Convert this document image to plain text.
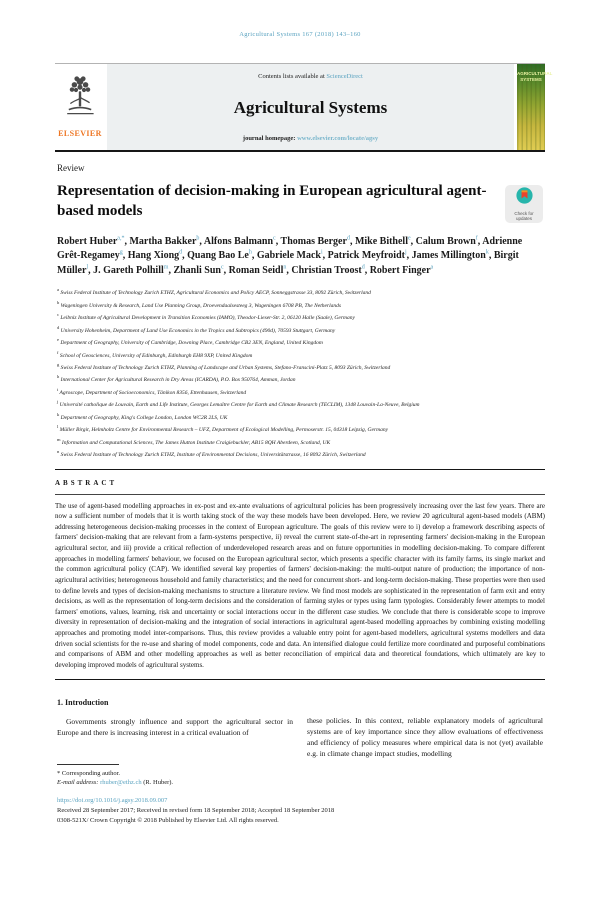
Agricultural Systems 167 (2018) 143–160
ELSEVIER
Contents lists available at ScienceDirect
Agricultural Systems
journal homepage: www.elsevier.com/locate/agsy
AGRICULTURAL SYSTEMS
Review
Representation of decision-making in European agricultural agent-based models	Check for updates
Robert Huber$^{a,*}$, Martha Bakker$^b$, Alfons Balmann$^c$, Thomas Berger$^d$, Mike Bithell$^e$, Calum Brown$^f$, Adrienne Grêt-Regamey$^g$, Hang Xiong$^d$, Quang Bao Le$^h$, Gabriele Mack$^i$, Patrick Meyfroidt$^j$, James Millington$^k$, Birgit Müller$^l$, J. Gareth Polhill$^m$, Zhanli Sun$^c$, Roman Seidl$^n$, Christian Troost$^d$, Robert Finger$^a$
$^a$ Swiss Federal Institute of Technology Zurich ETHZ, Agricultural Economics and Policy AECP, Sonneggstrasse 33, 8092 Zürich, Switzerland
$^b$ Wageningen University & Research, Land Use Planning Group, Droevendaalsesteeg 3, Wageningen 6708 PB, The Netherlands
$^c$ Leibniz Institute of Agricultural Development in Transition Economies (IAMO), Theodor-Lieser-Str. 2, 06120 Halle (Saale), Germany
$^d$ University Hohenheim, Department of Land Use Economics in the Tropics and Subtropics (490d), 70593 Stuttgart, Germany
$^e$ Department of Geography, University of Cambridge, Downing Place, Cambridge CB2 3EN, England, United Kingdom
$^f$ School of Geosciences, University of Edinburgh, Edinburgh EH8 9XP, United Kingdom
$^g$ Swiss Federal Institute of Technology Zurich ETHZ, Planning of Landscape and Urban Systems, Stefano-Franscini-Platz 5, 8093 Zürich, Switzerland
$^h$ International Center for Agricultural Research in Dry Areas (ICARDA), P.O. Box 950764, Amman, Jordan
$^i$ Agroscope, Department of Socioeconomics, Tänikon 8356, Ettenhausen, Switzerland
$^j$ Université catholique de Louvain, Earth and Life Institute, Georges Lemaître Centre for Earth and Climate Research (TECLIM), 1348 Louvain-La-Neuve, Belgium
$^k$ Department of Geography, King's College London, London WC2R 2LS, UK
$^l$ Müller Birgit, Helmholtz Centre for Environmental Research – UFZ, Department of Ecological Modelling, Permoserstr. 15, 04318 Leipzig, Germany
$^m$ Information and Computational Sciences, The James Hutton Institute Craigiebuckler, AB15 8QH Aberdeen, Scotland, UK
$^n$ Swiss Federal Institute of Technology Zurich ETHZ, Institute of Environmental Decisions, Universitätstrasse, 16 8092 Zürich, Switzerland
ABSTRACT

The use of agent-based modelling approaches in ex-post and ex-ante evaluations of agricultural policies has been progressively increasing over the last few years. There are now a sufficient number of models that it is worth taking stock of the way these models have been developed. Here, we review 20 agricultural agent-based models (ABM) addressing heterogeneous decision-making processes in the context of European agriculture. The goals of this review were to i) develop a framework describing aspects of farmers' decision-making that are relevant from a farm-systems perspective, ii) reveal the current state-of-the-art in representing farmers' decision-making in the European agricultural sector, and iii) provide a critical reflection of underdeveloped research areas and on future opportunities in modelling decision-making. To compare different approaches in modelling farmers' behaviour, we focused on the European agricultural sector, which presents a specific character with its family farms, its single market and the common agricultural policy (CAP). We identified several key properties of farmers' decision-making: the multi-output nature of production; the importance of non-agricultural activities; heterogeneous household and family characteristics; and the need for concurrent short- and long-term decision-making. These properties were then used to define levels and types of decision-making mechanisms to structure a literature review. We find most models are sophisticated in the representation of farm exit and entry decisions, as well as the representation of long-term decisions and the consideration of farming styles or types using farm typologies. Considerably fewer attempts to model farmers' emotions, values, learning, risk and uncertainty or social interactions occur in the different case studies. We conclude that there is considerable scope to improve diversity in representation of decision-making and the integration of social interactions in agricultural agent-based modelling approaches by combining existing modelling approaches and promoting model inter-comparisons. Thus, this review provides a valuable entry point for agent-based modellers, agricultural systems modellers and data driven social scientists for the re-use and sharing of model components, code and data. An intensified dialogue could fertilize more coordinated and purposeful combinations and comparisons of ABM and other modelling approaches as well as better reconciliation of empirical data and theoretical foundations, which ultimately are key to developing improved models of agricultural systems.

1. Introduction

Governments strongly influence and support the agricultural sector in Europe and there is increasing interest in a critical evaluation of

* Corresponding author.
E-mail address: rhuber@ethz.ch (R. Huber).

these policies. In this context, reliable explanatory models of agricultural systems are of key importance since they allow evaluations of effectiveness and efficiency of policy measures where empirical data is not (yet) available e.g. in climate change impact studies, modelling

https://doi.org/10.1016/j.agsy.2018.09.007
Received 28 September 2017; Received in revised form 18 September 2018; Accepted 18 September 2018
0308-521X/ Crown Copyright © 2018 Published by Elsevier Ltd. All rights reserved.
